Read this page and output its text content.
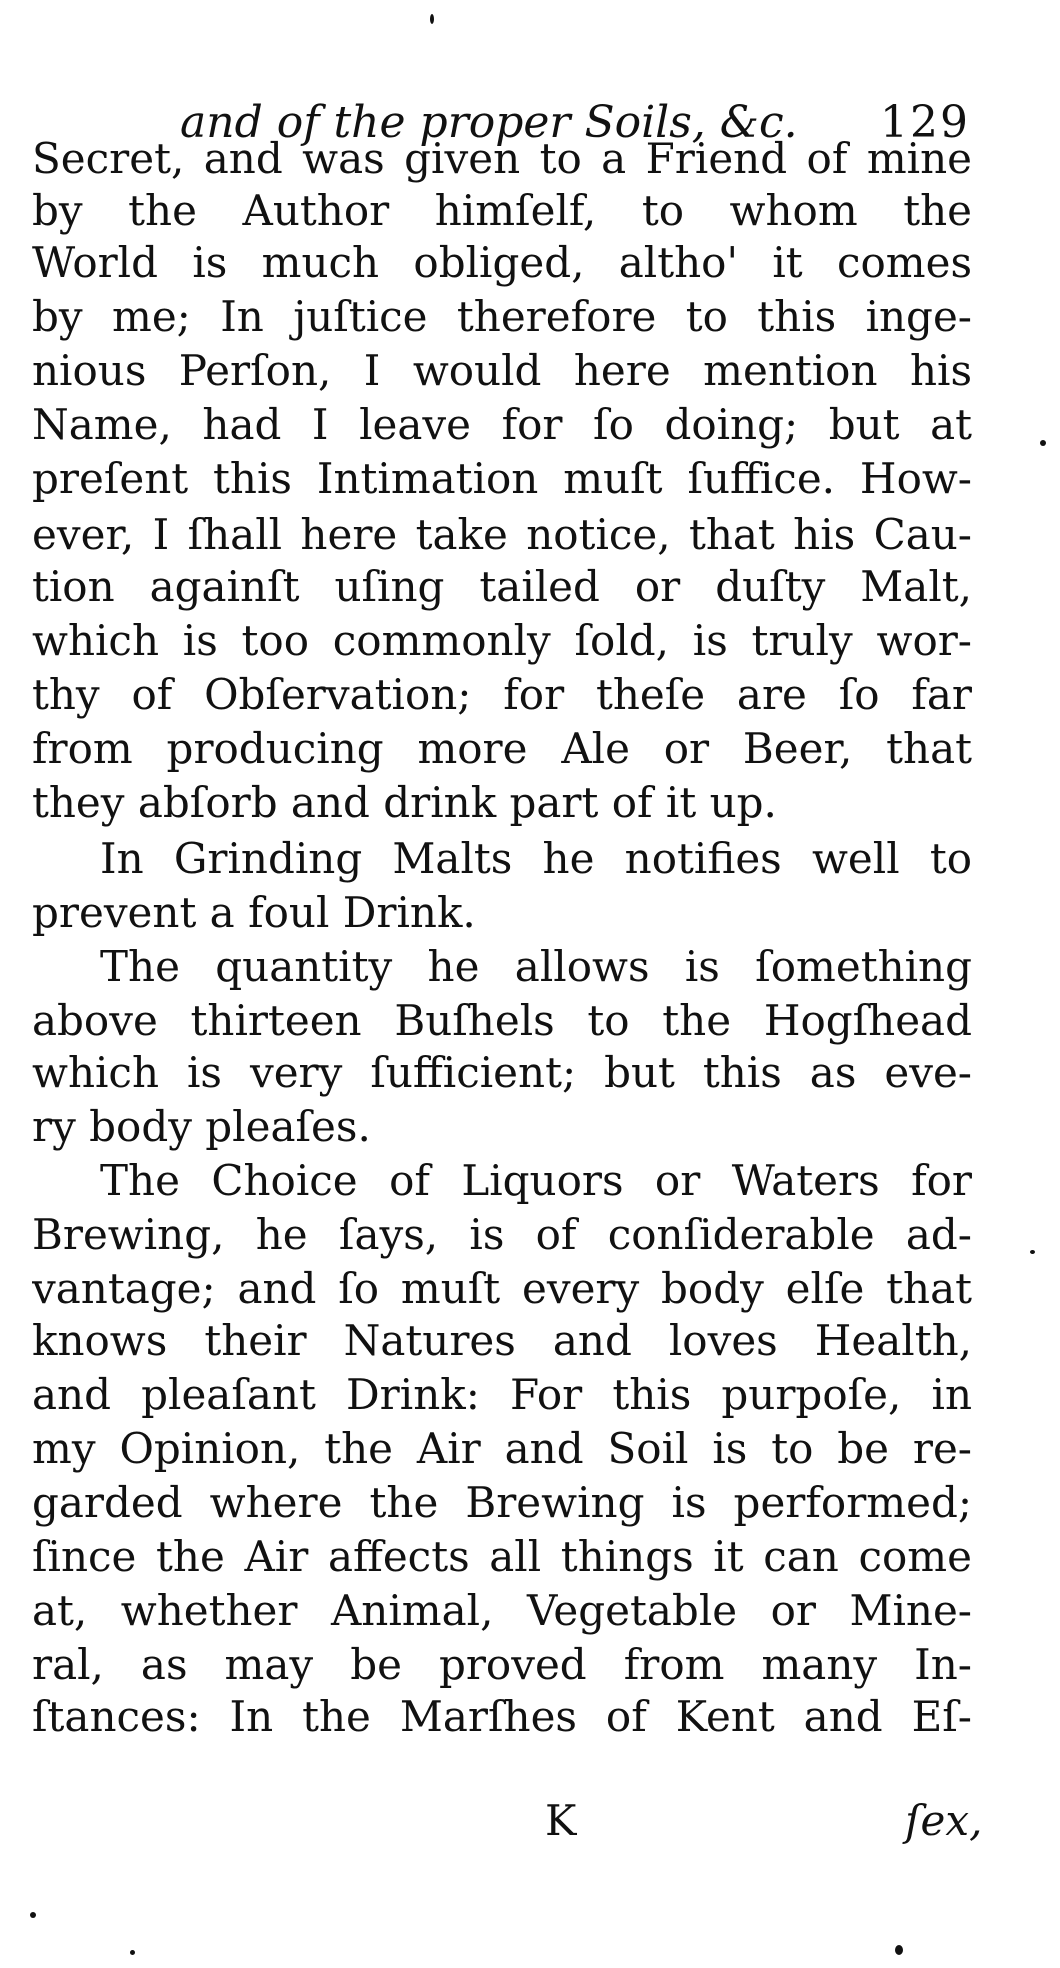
and of the proper Soils, &c. 129
Secret, and was given to a Friend of mine
by the Author himſelf, to whom the
World is much obliged, altho' it comes
by me; In juſtice therefore to this inge-
nious Perſon, I would here mention his
Name, had I leave for ſo doing; but at
preſent this Intimation muſt ſuffice. How-
ever, I ſhall here take notice, that his Cau-
tion againſt uſing tailed or duſty Malt,
which is too commonly ſold, is truly wor-
thy of Obſervation; for theſe are ſo far
from producing more Ale or Beer, that
they abſorb and drink part of it up.
In Grinding Malts he notifies well to
prevent a foul Drink.
The quantity he allows is ſomething
above thirteen Buſhels to the Hogſhead
which is very ſufficient; but this as eve-
ry body pleaſes.
The Choice of Liquors or Waters for
Brewing, he ſays, is of conſiderable ad-
vantage; and ſo muſt every body elſe that
knows their Natures and loves Health,
and pleaſant Drink: For this purpoſe, in
my Opinion, the Air and Soil is to be re-
garded where the Brewing is performed;
ſince the Air affects all things it can come
at, whether Animal, Vegetable or Mine-
ral, as may be proved from many In-
ſtances: In the Marſhes of Kent and Eſ-
K	ſex,
